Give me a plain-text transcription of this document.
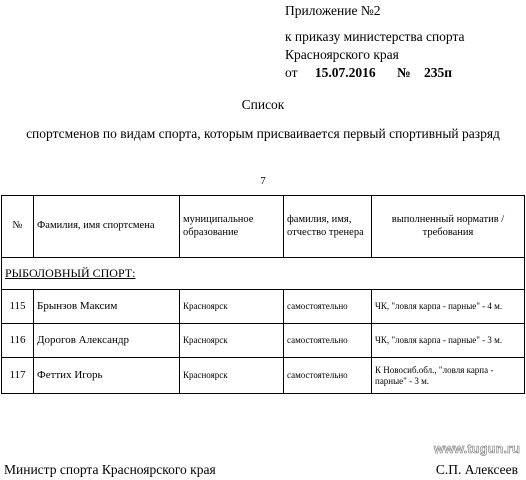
Приложение №2
к приказу министерства спорта
Красноярского края
от 15.07.2016 № 235п
Список
спортсменов по видам спорта, которым присваивается первый спортивный разряд
7
№	Фамилия, имя спортсмена	муниципальное образование	фамилия, имя, отчество тренера	выполненный норматив /требования
РЫБОЛОВНЫЙ СПОРТ:				
115	Брынзов Максим	Красноярск	самостоятельно	ЧК, "ловля карпа - парные" - 4 м.
116	Дорогов Александр	Красноярск	самостоятельно	ЧК, "ловля карпа - парные" - 3 м.
117	Феттих Игорь	Красноярск	самостоятельно	К Новосиб.обл., "ловля карпа - парные" - 3 м.
www.tugun.ru
Министр спорта Красноярского края	С.П. Алексеев
